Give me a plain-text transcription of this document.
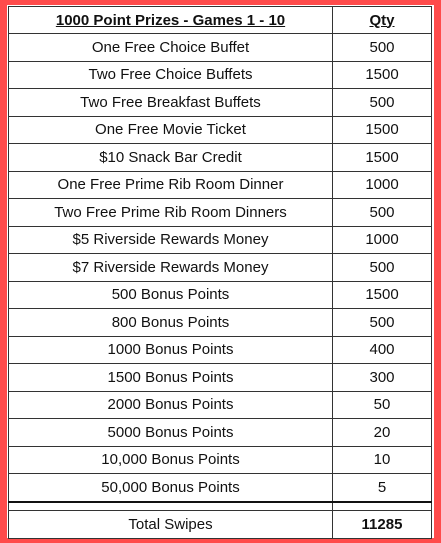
1000 Point Prizes - Games 1 - 10	Qty
One Free Choice Buffet	500
Two Free Choice Buffets	1500
Two Free Breakfast Buffets	500
One Free Movie Ticket	1500
$10 Snack Bar Credit	1500
One Free Prime Rib Room Dinner	1000
Two Free Prime Rib Room Dinners	500
$5 Riverside Rewards Money	1000
$7 Riverside Rewards Money	500
500 Bonus Points	1500
800 Bonus Points	500
1000 Bonus Points	400
1500 Bonus Points	300
2000 Bonus Points	50
5000 Bonus Points	20
10,000 Bonus Points	10
50,000 Bonus Points	5

Total Swipes	11285
